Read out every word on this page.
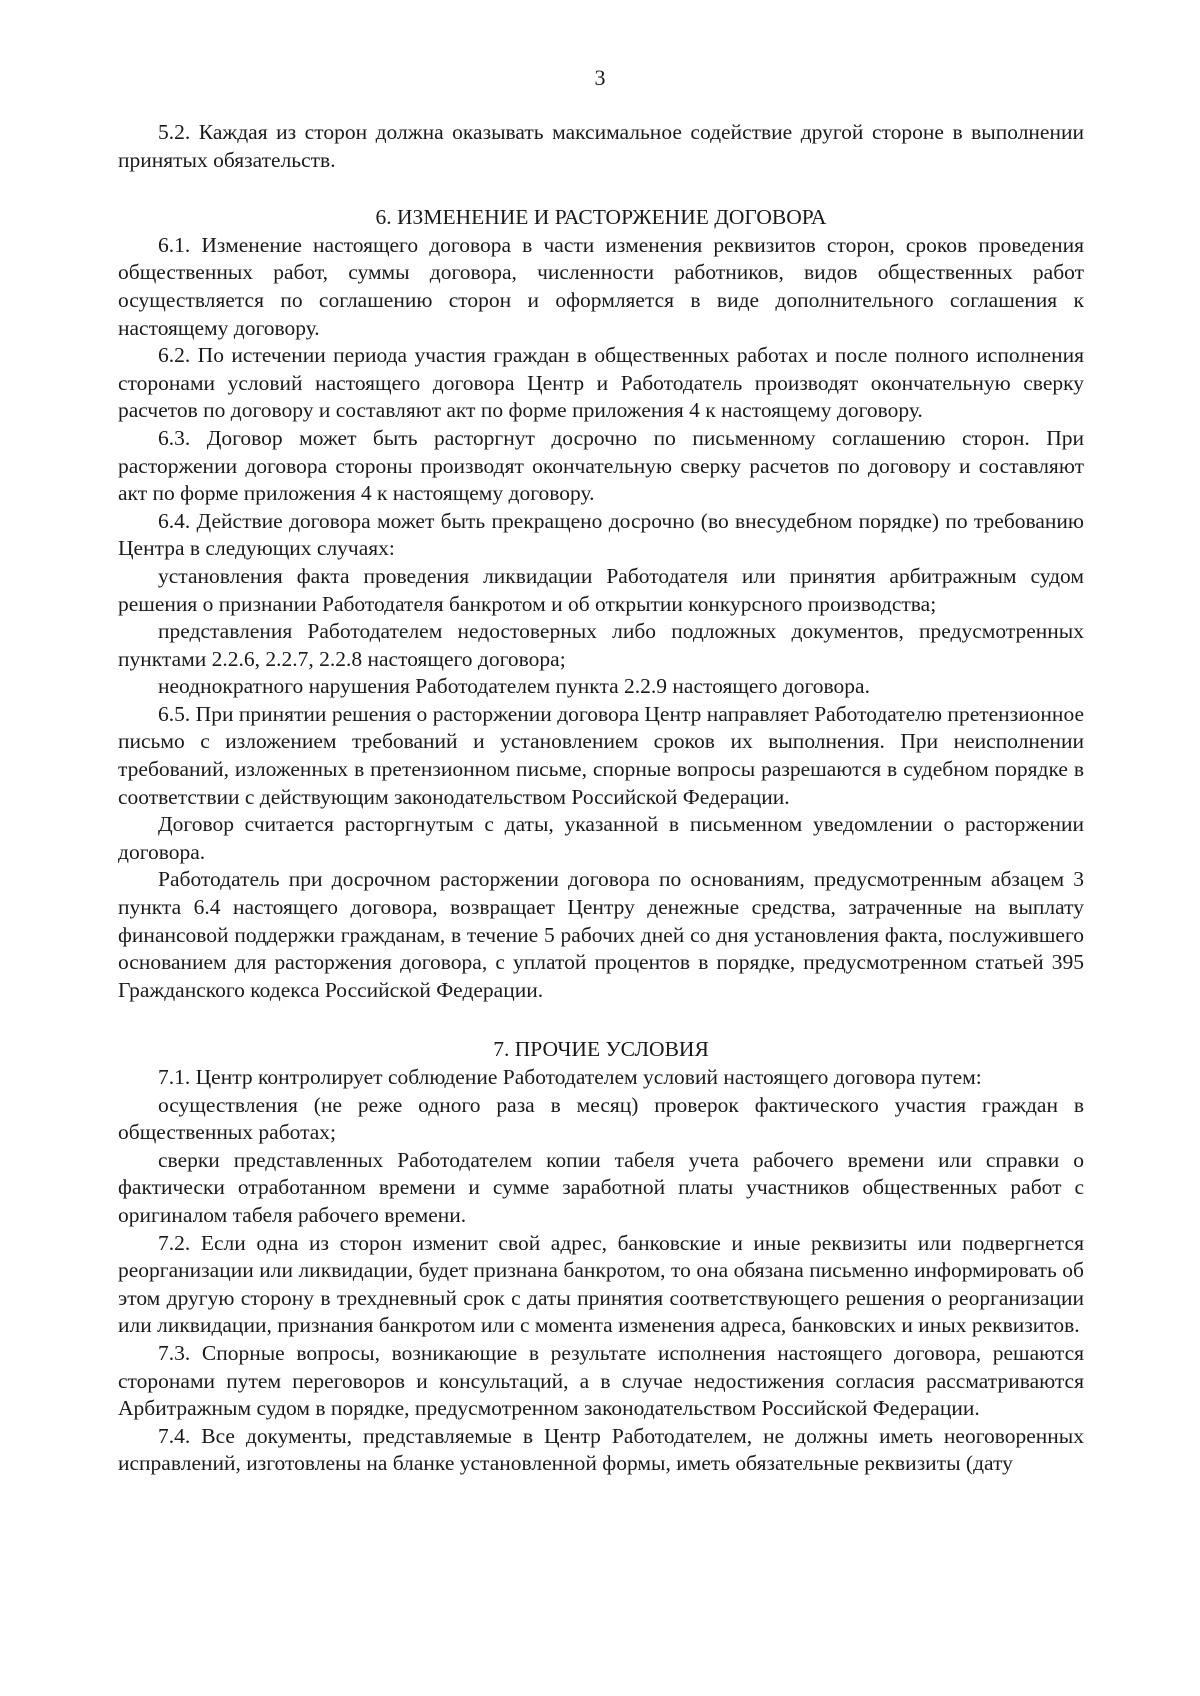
3

5.2. Каждая из сторон должна оказывать максимальное содействие другой стороне в выполнении принятых обязательств.

6. ИЗМЕНЕНИЕ И РАСТОРЖЕНИЕ ДОГОВОРА

6.1. Изменение настоящего договора в части изменения реквизитов сторон, сроков проведения общественных работ, суммы договора, численности работников, видов общественных работ осуществляется по соглашению сторон и оформляется в виде дополнительного соглашения к настоящему договору.

6.2. По истечении периода участия граждан в общественных работах и после полного исполнения сторонами условий настоящего договора Центр и Работодатель производят окончательную сверку расчетов по договору и составляют акт по форме приложения 4 к настоящему договору.

6.3. Договор может быть расторгнут досрочно по письменному соглашению сторон. При расторжении договора стороны производят окончательную сверку расчетов по договору и составляют акт по форме приложения 4 к настоящему договору.

6.4. Действие договора может быть прекращено досрочно (во внесудебном порядке) по требованию Центра в следующих случаях:

установления факта проведения ликвидации Работодателя или принятия арбитражным судом решения о признании Работодателя банкротом и об открытии конкурсного производства;

представления Работодателем недостоверных либо подложных документов, предусмотренных пунктами 2.2.6, 2.2.7, 2.2.8 настоящего договора;

неоднократного нарушения Работодателем пункта 2.2.9 настоящего договора.

6.5. При принятии решения о расторжении договора Центр направляет Работодателю претензионное письмо с изложением требований и установлением сроков их выполнения. При неисполнении требований, изложенных в претензионном письме, спорные вопросы разрешаются в судебном порядке в соответствии с действующим законодательством Российской Федерации.

Договор считается расторгнутым с даты, указанной в письменном уведомлении о расторжении договора.

Работодатель при досрочном расторжении договора по основаниям, предусмотренным абзацем 3 пункта 6.4 настоящего договора, возвращает Центру денежные средства, затраченные на выплату финансовой поддержки гражданам, в течение 5 рабочих дней со дня установления факта, послужившего основанием для расторжения договора, с уплатой процентов в порядке, предусмотренном статьей 395 Гражданского кодекса Российской Федерации.

7. ПРОЧИЕ УСЛОВИЯ

7.1. Центр контролирует соблюдение Работодателем условий настоящего договора путем:

осуществления (не реже одного раза в месяц) проверок фактического участия граждан в общественных работах;

сверки представленных Работодателем копии табеля учета рабочего времени или справки о фактически отработанном времени и сумме заработной платы участников общественных работ с оригиналом табеля рабочего времени.

7.2. Если одна из сторон изменит свой адрес, банковские и иные реквизиты или подвергнется реорганизации или ликвидации, будет признана банкротом, то она обязана письменно информировать об этом другую сторону в трехдневный срок с даты принятия соответствующего решения о реорганизации или ликвидации, признания банкротом или с момента изменения адреса, банковских и иных реквизитов.

7.3. Спорные вопросы, возникающие в результате исполнения настоящего договора, решаются сторонами путем переговоров и консультаций, а в случае недостижения согласия рассматриваются Арбитражным судом в порядке, предусмотренном законодательством Российской Федерации.

7.4. Все документы, представляемые в Центр Работодателем, не должны иметь неоговоренных исправлений, изготовлены на бланке установленной формы, иметь обязательные реквизиты (дату
